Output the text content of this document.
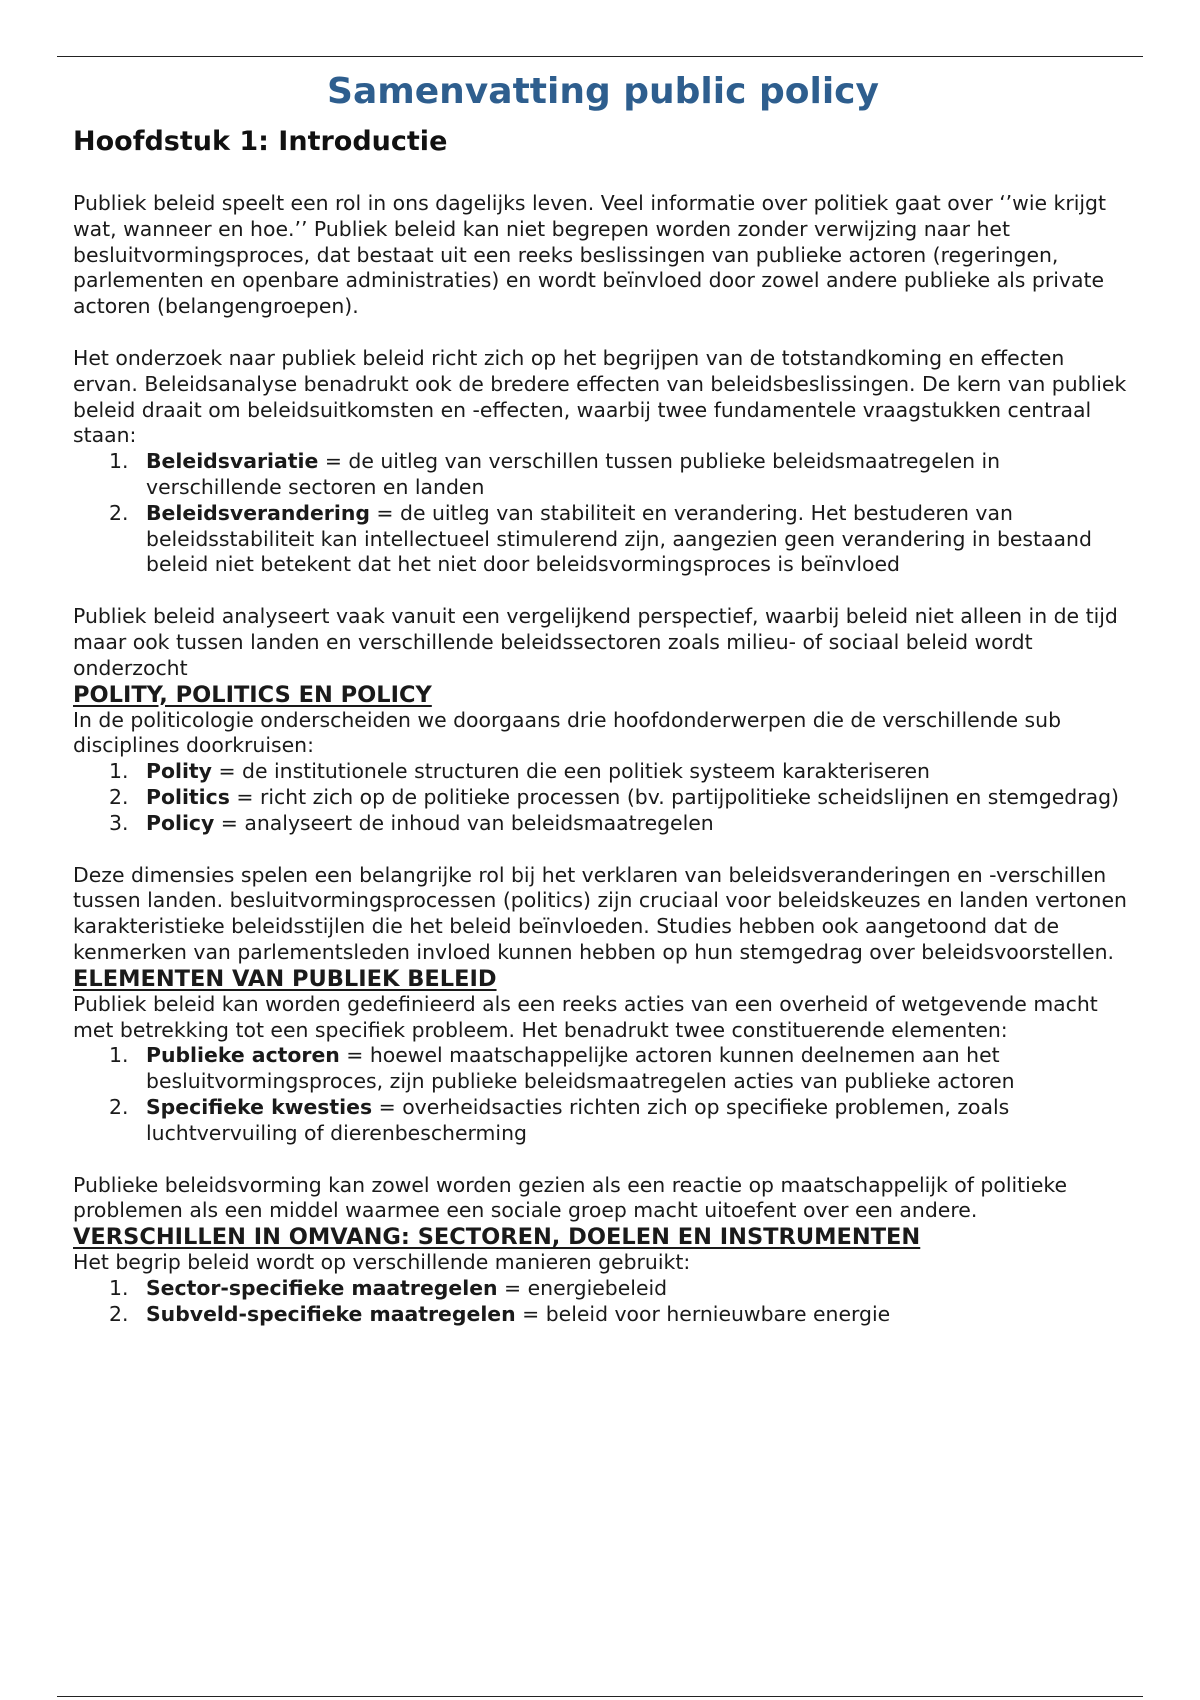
Samenvatting public policy
Hoofdstuk 1: Introductie

Publiek beleid speelt een rol in ons dagelijks leven. Veel informatie over politiek gaat over ‘’wie krijgt wat, wanneer en hoe.’’ Publiek beleid kan niet begrepen worden zonder verwijzing naar het besluitvormingsproces, dat bestaat uit een reeks beslissingen van publieke actoren (regeringen, parlementen en openbare administraties) en wordt beïnvloed door zowel andere publieke als private actoren (belangengroepen).

Het onderzoek naar publiek beleid richt zich op het begrijpen van de totstandkoming en effecten ervan. Beleidsanalyse benadrukt ook de bredere effecten van beleidsbeslissingen. De kern van publiek beleid draait om beleidsuitkomsten en -effecten, waarbij twee fundamentele vraagstukken centraal staan:

1. Beleidsvariatie = de uitleg van verschillen tussen publieke beleidsmaatregelen in verschillende sectoren en landen
2. Beleidsverandering = de uitleg van stabiliteit en verandering. Het bestuderen van beleidsstabiliteit kan intellectueel stimulerend zijn, aangezien geen verandering in bestaand beleid niet betekent dat het niet door beleidsvormingsproces is beïnvloed

Publiek beleid analyseert vaak vanuit een vergelijkend perspectief, waarbij beleid niet alleen in de tijd maar ook tussen landen en verschillende beleidssectoren zoals milieu- of sociaal beleid wordt onderzocht

POLITY, POLITICS EN POLICY

In de politicologie onderscheiden we doorgaans drie hoofdonderwerpen die de verschillende sub disciplines doorkruisen:

1. Polity = de institutionele structuren die een politiek systeem karakteriseren
2. Politics = richt zich op de politieke processen (bv. partijpolitieke scheidslijnen en stemgedrag)
3. Policy = analyseert de inhoud van beleidsmaatregelen

Deze dimensies spelen een belangrijke rol bij het verklaren van beleidsveranderingen en -verschillen tussen landen. besluitvormingsprocessen (politics) zijn cruciaal voor beleidskeuzes en landen vertonen karakteristieke beleidsstijlen die het beleid beïnvloeden. Studies hebben ook aangetoond dat de kenmerken van parlementsleden invloed kunnen hebben op hun stemgedrag over beleidsvoorstellen.

ELEMENTEN VAN PUBLIEK BELEID

Publiek beleid kan worden gedefinieerd als een reeks acties van een overheid of wetgevende macht met betrekking tot een specifiek probleem. Het benadrukt twee constituerende elementen:

1. Publieke actoren = hoewel maatschappelijke actoren kunnen deelnemen aan het besluitvormingsproces, zijn publieke beleidsmaatregelen acties van publieke actoren
2. Specifieke kwesties = overheidsacties richten zich op specifieke problemen, zoals luchtvervuiling of dierenbescherming

Publieke beleidsvorming kan zowel worden gezien als een reactie op maatschappelijk of politieke problemen als een middel waarmee een sociale groep macht uitoefent over een andere.

VERSCHILLEN IN OMVANG: SECTOREN, DOELEN EN INSTRUMENTEN

Het begrip beleid wordt op verschillende manieren gebruikt:

1. Sector-specifieke maatregelen = energiebeleid
2. Subveld-specifieke maatregelen = beleid voor hernieuwbare energie
